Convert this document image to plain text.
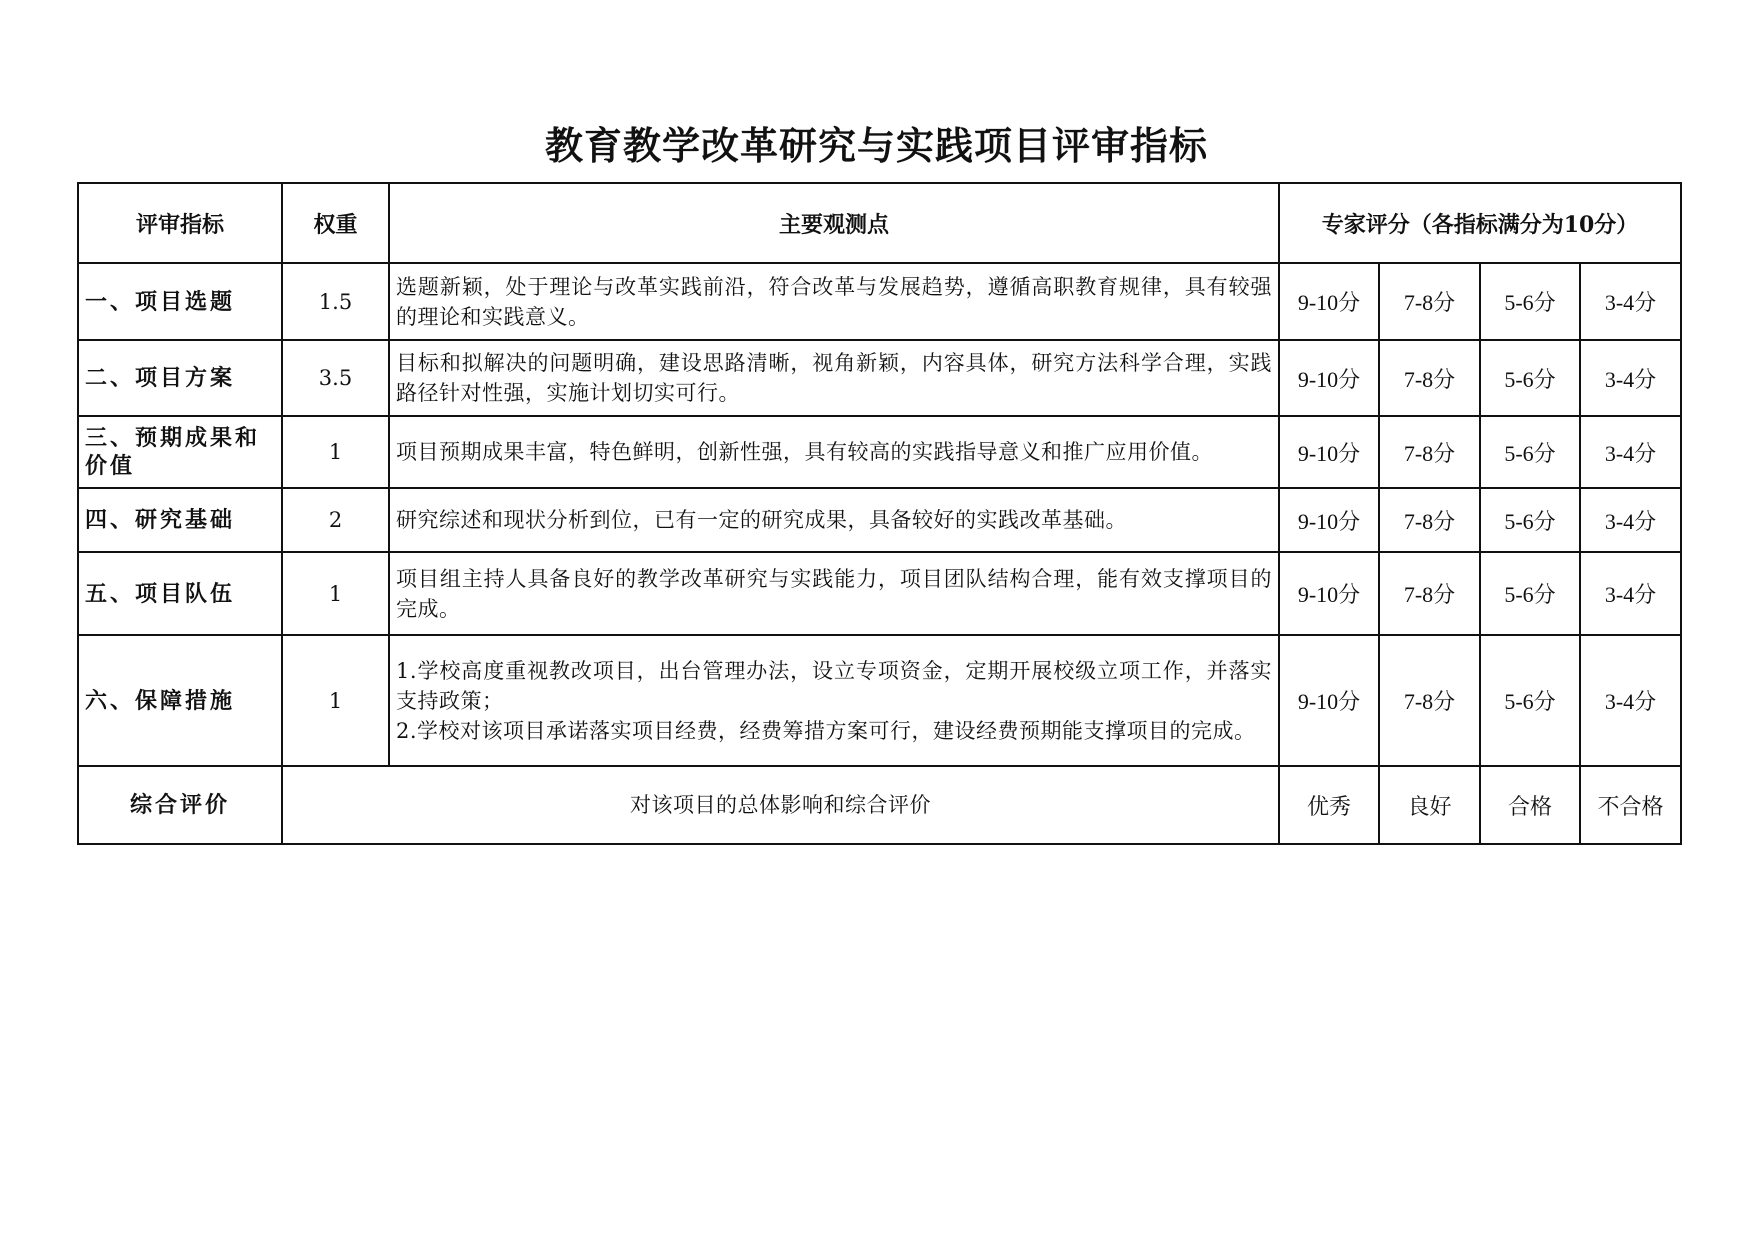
教育教学改革研究与实践项目评审指标
评审指标	权重	主要观测点	专家评分（各指标满分为10分）			
一、项目选题	1.5	选题新颖，处于理论与改革实践前沿，符合改革与发展趋势，遵循高职教育规律，具有较强的理论和实践意义。	9-10分	7-8分	5-6分	3-4分
二、项目方案	3.5	目标和拟解决的问题明确，建设思路清晰，视角新颖，内容具体，研究方法科学合理，实践路径针对性强，实施计划切实可行。	9-10分	7-8分	5-6分	3-4分
三、预期成果和价值	1	项目预期成果丰富，特色鲜明，创新性强，具有较高的实践指导意义和推广应用价值。	9-10分	7-8分	5-6分	3-4分
四、研究基础	2	研究综述和现状分析到位，已有一定的研究成果，具备较好的实践改革基础。	9-10分	7-8分	5-6分	3-4分
五、项目队伍	1	项目组主持人具备良好的教学改革研究与实践能力，项目团队结构合理，能有效支撑项目的完成。	9-10分	7-8分	5-6分	3-4分
六、保障措施	1	1.学校高度重视教改项目，出台管理办法，设立专项资金，定期开展校级立项工作，并落实支持政策；
2.学校对该项目承诺落实项目经费，经费筹措方案可行，建设经费预期能支撑项目的完成。	9-10分	7-8分	5-6分	3-4分
综合评价	对该项目的总体影响和综合评价		优秀	良好	合格	不合格
